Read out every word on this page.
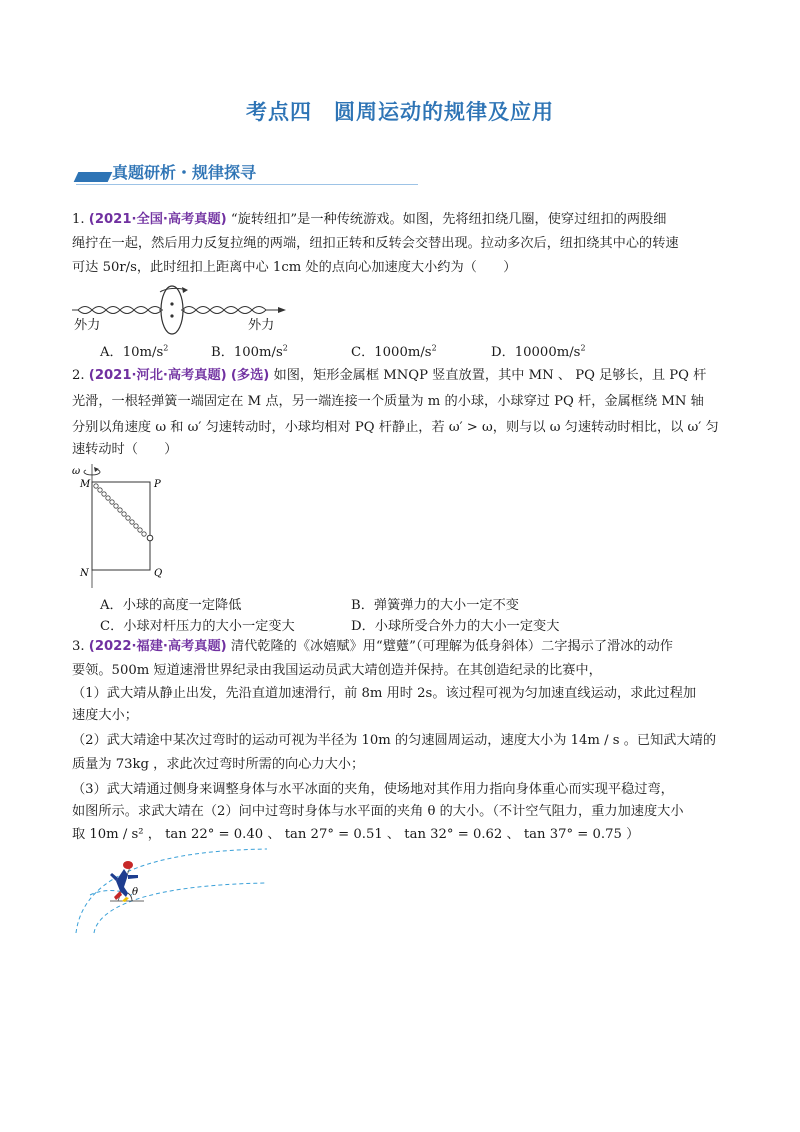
考点四　圆周运动的规律及应用
真题研析・规律探寻
1. (2021·全国·高考真题) “旋转纽扣”是一种传统游戏。如图，先将纽扣绕几圈，使穿过纽扣的两股细
绳拧在一起，然后用力反复拉绳的两端，纽扣正转和反转会交替出现。拉动多次后，纽扣绕其中心的转速
可达 50r/s，此时纽扣上距离中心 1cm 处的点向心加速度大小约为（　　）
外力	外力
A．$10m/s^2$	B．$100m/s^2$	C．$1000m/s^2$	D．$10000m/s^2$
2. (2021·河北·高考真题) (多选) 如图，矩形金属框 MNQP 竖直放置，其中 MN 、 PQ 足够长，且 PQ 杆
光滑，一根轻弹簧一端固定在 M 点，另一端连接一个质量为 m 的小球，小球穿过 PQ 杆，金属框绕 MN 轴
分别以角速度 ω 和 ω′ 匀速转动时，小球均相对 PQ 杆静止，若 ω′ > ω，则与以 ω 匀速转动时相比，以 ω′ 匀
速转动时（　　）
ω
M	P
N	Q
A．小球的高度一定降低	B．弹簧弹力的大小一定不变
C．小球对杆压力的大小一定变大	D．小球所受合外力的大小一定变大
3. (2022·福建·高考真题) 清代乾隆的《冰嬉赋》用“躄躠”（可理解为低身斜体）二字揭示了滑冰的动作
要领。500m 短道速滑世界纪录由我国运动员武大靖创造并保持。在其创造纪录的比赛中，
（1）武大靖从静止出发，先沿直道加速滑行，前 8m 用时 2s。该过程可视为匀加速直线运动，求此过程加
速度大小；
（2）武大靖途中某次过弯时的运动可视为半径为 10m 的匀速圆周运动，速度大小为 14m / s 。已知武大靖的
质量为 73kg ，求此次过弯时所需的向心力大小；
（3）武大靖通过侧身来调整身体与水平冰面的夹角，使场地对其作用力指向身体重心而实现平稳过弯，
如图所示。求武大靖在（2）问中过弯时身体与水平面的夹角 θ 的大小。（不计空气阻力，重力加速度大小
取 10m / s² ， tan 22° = 0.40 、 tan 27° = 0.51 、 tan 32° = 0.62 、 tan 37° = 0.75 ）
θ
